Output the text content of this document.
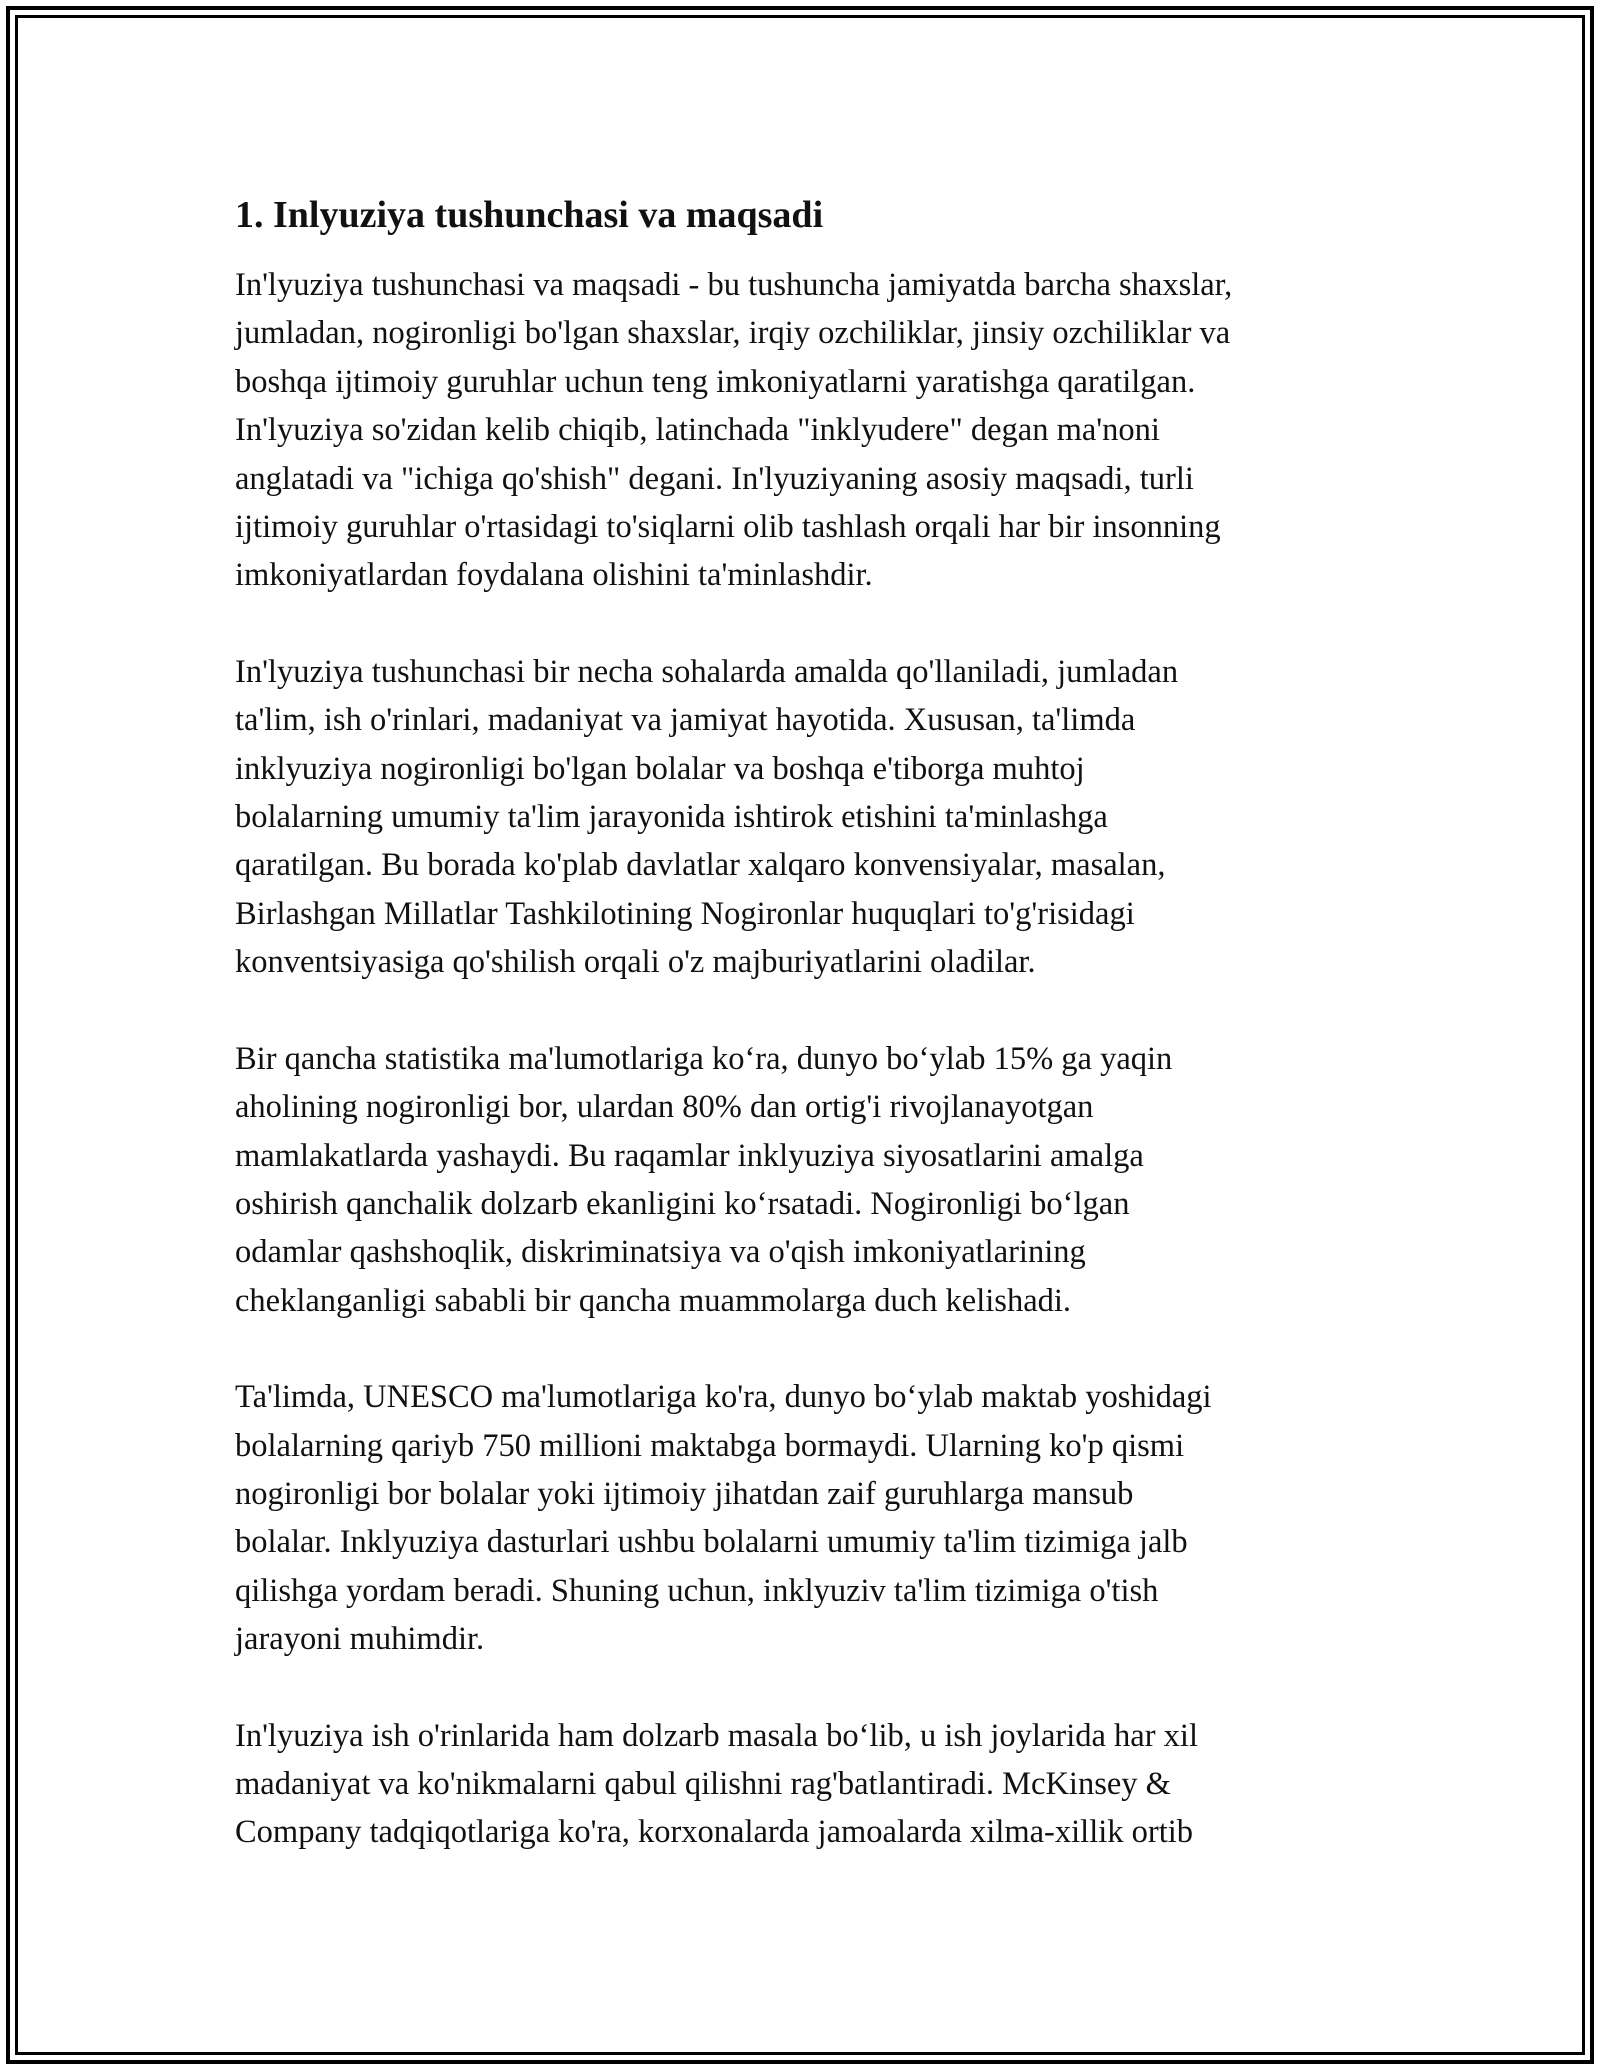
1. Inlyuziya tushunchasi va maqsadi

In'lyuziya tushunchasi va maqsadi - bu tushuncha jamiyatda barcha shaxslar,
jumladan, nogironligi bo'lgan shaxslar, irqiy ozchiliklar, jinsiy ozchiliklar va
boshqa ijtimoiy guruhlar uchun teng imkoniyatlarni yaratishga qaratilgan.
In'lyuziya so'zidan kelib chiqib, latinchada "inklyudere" degan ma'noni
anglatadi va "ichiga qo'shish" degani. In'lyuziyaning asosiy maqsadi, turli
ijtimoiy guruhlar o'rtasidagi to'siqlarni olib tashlash orqali har bir insonning
imkoniyatlardan foydalana olishini ta'minlashdir.

In'lyuziya tushunchasi bir necha sohalarda amalda qo'llaniladi, jumladan
ta'lim, ish o'rinlari, madaniyat va jamiyat hayotida. Xususan, ta'limda
inklyuziya nogironligi bo'lgan bolalar va boshqa e'tiborga muhtoj
bolalarning umumiy ta'lim jarayonida ishtirok etishini ta'minlashga
qaratilgan. Bu borada ko'plab davlatlar xalqaro konvensiyalar, masalan,
Birlashgan Millatlar Tashkilotining Nogironlar huquqlari to'g'risidagi
konventsiyasiga qo'shilish orqali o'z majburiyatlarini oladilar.

Bir qancha statistika ma'lumotlariga ko‘ra, dunyo bo‘ylab 15% ga yaqin
aholining nogironligi bor, ulardan 80% dan ortig'i rivojlanayotgan
mamlakatlarda yashaydi. Bu raqamlar inklyuziya siyosatlarini amalga
oshirish qanchalik dolzarb ekanligini ko‘rsatadi. Nogironligi bo‘lgan
odamlar qashshoqlik, diskriminatsiya va o'qish imkoniyatlarining
cheklanganligi sababli bir qancha muammolarga duch kelishadi.

Ta'limda, UNESCO ma'lumotlariga ko'ra, dunyo bo‘ylab maktab yoshidagi
bolalarning qariyb 750 millioni maktabga bormaydi. Ularning ko'p qismi
nogironligi bor bolalar yoki ijtimoiy jihatdan zaif guruhlarga mansub
bolalar. Inklyuziya dasturlari ushbu bolalarni umumiy ta'lim tizimiga jalb
qilishga yordam beradi. Shuning uchun, inklyuziv ta'lim tizimiga o'tish
jarayoni muhimdir.

In'lyuziya ish o'rinlarida ham dolzarb masala bo‘lib, u ish joylarida har xil
madaniyat va ko'nikmalarni qabul qilishni rag'batlantiradi. McKinsey &
Company tadqiqotlariga ko'ra, korxonalarda jamoalarda xilma-xillik ortib
